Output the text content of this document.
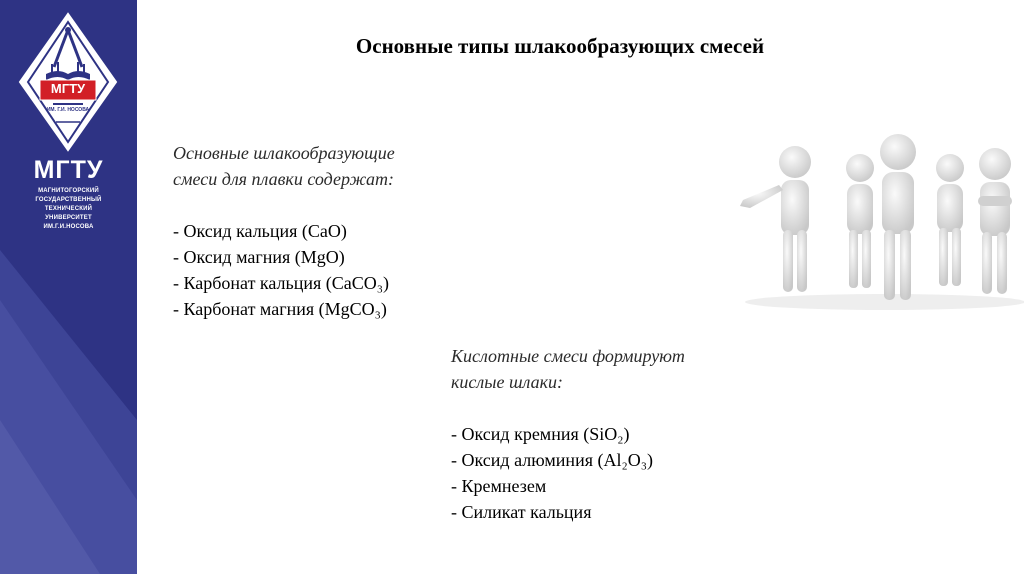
МГТУ
ИМ. Г.И. НОСОВА
МГТУ
МАГНИТОГОРСКИЙ
ГОСУДАРСТВЕННЫЙ
ТЕХНИЧЕСКИЙ
УНИВЕРСИТЕТ
ИМ.Г.И.НОСОВА
Основные типы шлакообразующих смесей
Основные шлакообразующие
смеси для плавки содержат:
- Оксид кальция (CaO)
- Оксид магния (MgO)
- Карбонат кальция (CaCO₃)
- Карбонат магния (MgCO₃)
Кислотные смеси формируют
кислые шлаки:
- Оксид кремния (SiO₂)
- Оксид алюминия (Al₂O₃)
- Кремнезем
- Силикат кальция
